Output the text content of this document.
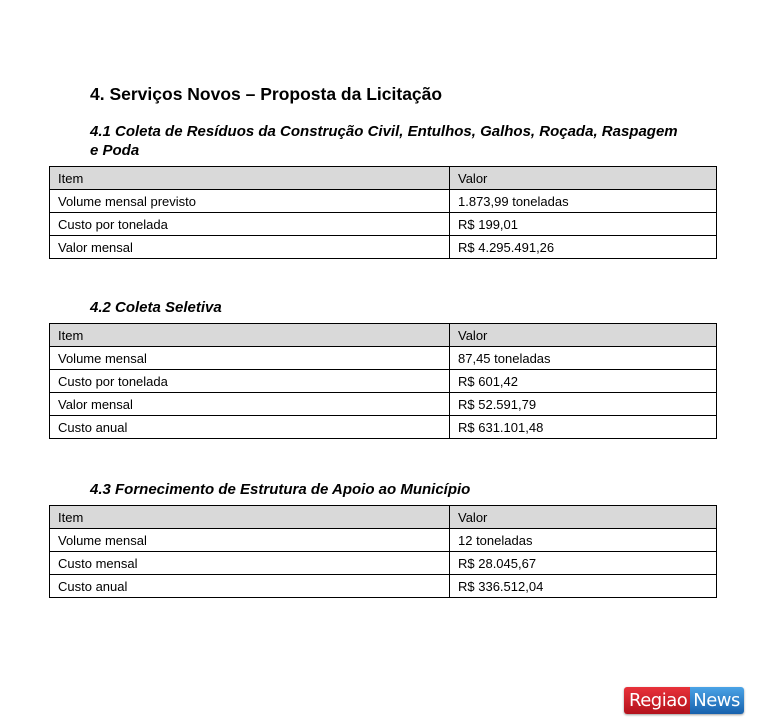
4. Serviços Novos – Proposta da Licitação
4.1 Coleta de Resíduos da Construção Civil, Entulhos, Galhos, Roçada, Raspagem e Poda
Item	Valor
Volume mensal previsto	1.873,99 toneladas
Custo por tonelada	R$ 199,01
Valor mensal	R$ 4.295.491,26
4.2 Coleta Seletiva
Item	Valor
Volume mensal	87,45 toneladas
Custo por tonelada	R$ 601,42
Valor mensal	R$ 52.591,79
Custo anual	R$ 631.101,48
4.3 Fornecimento de Estrutura de Apoio ao Município
Item	Valor
Volume mensal	12 toneladas
Custo mensal	R$ 28.045,67
Custo anual	R$ 336.512,04
Regiao News
